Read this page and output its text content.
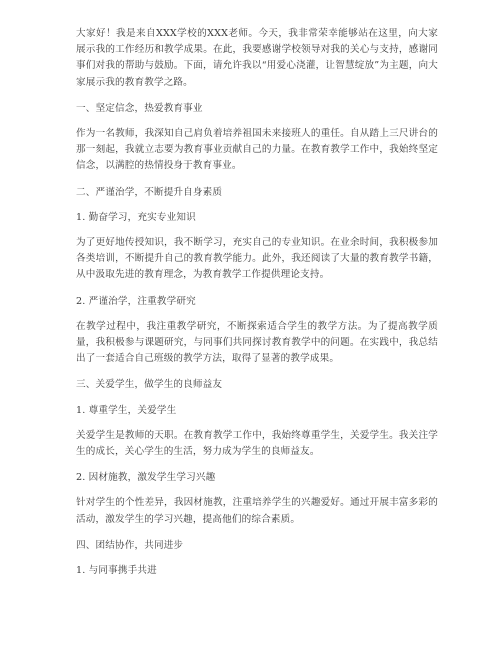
大家好！我是来自XXX学校的XXX老师。今天，我非常荣幸能够站在这里，向大家展示我的工作经历和教学成果。在此，我要感谢学校领导对我的关心与支持，感谢同事们对我的帮助与鼓励。下面，请允许我以“用爱心浇灌，让智慧绽放”为主题，向大家展示我的教育教学之路。

一、坚定信念，热爱教育事业

作为一名教师，我深知自己肩负着培养祖国未来接班人的重任。自从踏上三尺讲台的那一刻起，我就立志要为教育事业贡献自己的力量。在教育教学工作中，我始终坚定信念，以满腔的热情投身于教育事业。

二、严谨治学，不断提升自身素质

1. 勤奋学习，充实专业知识

为了更好地传授知识，我不断学习，充实自己的专业知识。在业余时间，我积极参加各类培训，不断提升自己的教育教学能力。此外，我还阅读了大量的教育教学书籍，从中汲取先进的教育理念，为教育教学工作提供理论支持。

2. 严谨治学，注重教学研究

在教学过程中，我注重教学研究，不断探索适合学生的教学方法。为了提高教学质量，我积极参与课题研究，与同事们共同探讨教育教学中的问题。在实践中，我总结出了一套适合自己班级的教学方法，取得了显著的教学成果。

三、关爱学生，做学生的良师益友

1. 尊重学生，关爱学生

关爱学生是教师的天职。在教育教学工作中，我始终尊重学生，关爱学生。我关注学生的成长，关心学生的生活，努力成为学生的良师益友。

2. 因材施教，激发学生学习兴趣

针对学生的个性差异，我因材施教，注重培养学生的兴趣爱好。通过开展丰富多彩的活动，激发学生的学习兴趣，提高他们的综合素质。

四、团结协作，共同进步

1. 与同事携手共进
